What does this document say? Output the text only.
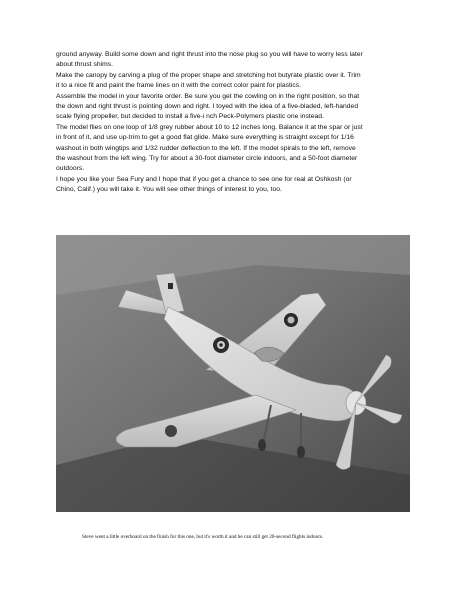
ground anyway. Build some down and right thrust into the nose plug so you will have to worry less later

about thrust shims.

Make the canopy by carving a plug of the proper shape and stretching hot butyrate plastic over it. Trim

it to a nice fit and paint the frame lines on it with the correct color paint for plastics.

Assemble the model in your favorite order. Be sure you get the cowling on in the right position, so that

the down and right thrust is pointing down and right. I toyed with the idea of a five-bladed, left-handed

scale flying propeller, but decided to install a five-i nch Peck-Polymers plastic one instead.

The model flies on one loop of 1/8 grey rubber about 10 to 12 inches long. Balance it at the spar or just

in front of it, and use up-trim to get a good flat glide. Make sure everything is straight except for 1/16

washout in both wingtips and 1/32 rudder deflection to the left. If the model spirals to the left, remove

the washout from the left wing. Try for about a 30-foot diameter circle indoors, and a 50-foot diameter

outdoors.

I hope you like your Sea Fury and I hope that if you get a chance to see one for real at Oshkosh (or

Chino, Calif.) you will take it. You will see other things of interest to you, too.

Steve went a little overboard on the finish for this one, but it's worth it and he can still get 20-second flights indoors.
